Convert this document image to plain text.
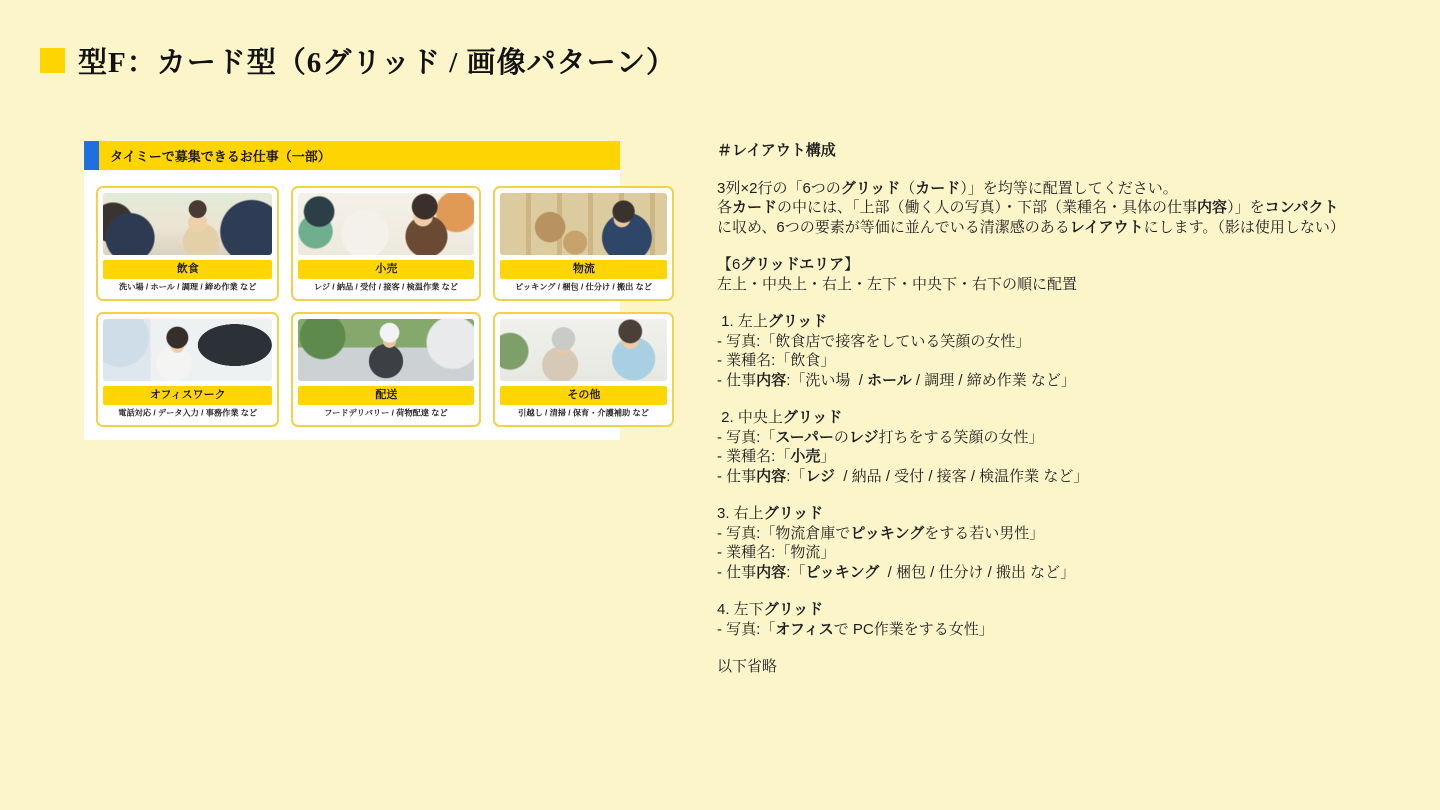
型F：カード型（6グリッド / 画像パターン）
タイミーで募集できるお仕事（一部）
飲食
洗い場 / ホール / 調理 / 締め作業 など
小売
レジ / 納品 / 受付 / 接客 / 検温作業 など
物流
ピッキング / 梱包 / 仕分け / 搬出 など
オフィスワーク
電話対応 / データ入力 / 事務作業 など
配送
フードデリバリー / 荷物配達 など
その他
引越し / 清掃 / 保育・介護補助 など
＃レイアウト構成
3列×2行の「6つのグリッド（カード）」を均等に配置してください。
各カードの中には、「上部（働く人の写真）・下部（業種名・具体の仕事内容）」をコンパクトに収め、6つの要素が等価に並んでいる清潔感のあるレイアウトにします。（影は使用しない）
【6グリッドエリア】
左上・中央上・右上・左下・中央下・右下の順に配置
1. 左上グリッド
- 写真:「飲食店で接客をしている笑顔の女性」
- 業種名:「飲食」
- 仕事内容:「洗い場  / ホール / 調理 / 締め作業 など」
2. 中央上グリッド
- 写真:「スーパーのレジ打ちをする笑顔の女性」
- 業種名:「小売」
- 仕事内容:「レジ  / 納品 / 受付 / 接客 / 検温作業 など」
3. 右上グリッド
- 写真:「物流倉庫でピッキングをする若い男性」
- 業種名:「物流」
- 仕事内容:「ピッキング  / 梱包 / 仕分け / 搬出 など」
4. 左下グリッド
- 写真:「オフィスで PC作業をする女性」
以下省略
